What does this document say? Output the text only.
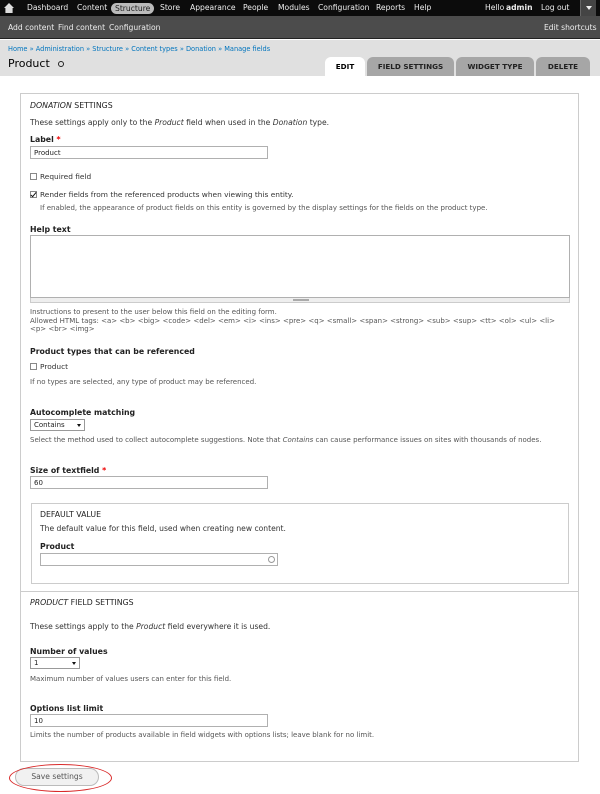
Dashboard Content	Structure	Store Appearance People Modules Configuration Reports Help	Hello admin Log out
Add content Find content Configuration	Edit shortcuts
Home » Administration » Structure » Content types » Donation » Manage fields
Product	EDIT	FIELD SETTINGS	WIDGET TYPE	DELETE
DONATION SETTINGS
These settings apply only to the Product field when used in the Donation type.
Label *
Product
Required field
Render fields from the referenced products when viewing this entity.
If enabled, the appearance of product fields on this entity is governed by the display settings for the fields on the product type.
Help text
Instructions to present to the user below this field on the editing form.
Allowed HTML tags: <a> <b> <big> <code> <del> <em> <i> <ins> <pre> <q> <small> <span> <strong> <sub> <sup> <tt> <ol> <ul> <li>
<p> <br> <img>
Product types that can be referenced
Product
If no types are selected, any type of product may be referenced.
Autocomplete matching
Contains
Select the method used to collect autocomplete suggestions. Note that Contains can cause performance issues on sites with thousands of nodes.
Size of textfield *
60
DEFAULT VALUE
The default value for this field, used when creating new content.
Product
PRODUCT FIELD SETTINGS
These settings apply to the Product field everywhere it is used.
Number of values
1
Maximum number of values users can enter for this field.
Options list limit
10
Limits the number of products available in field widgets with options lists; leave blank for no limit.
Save settings
